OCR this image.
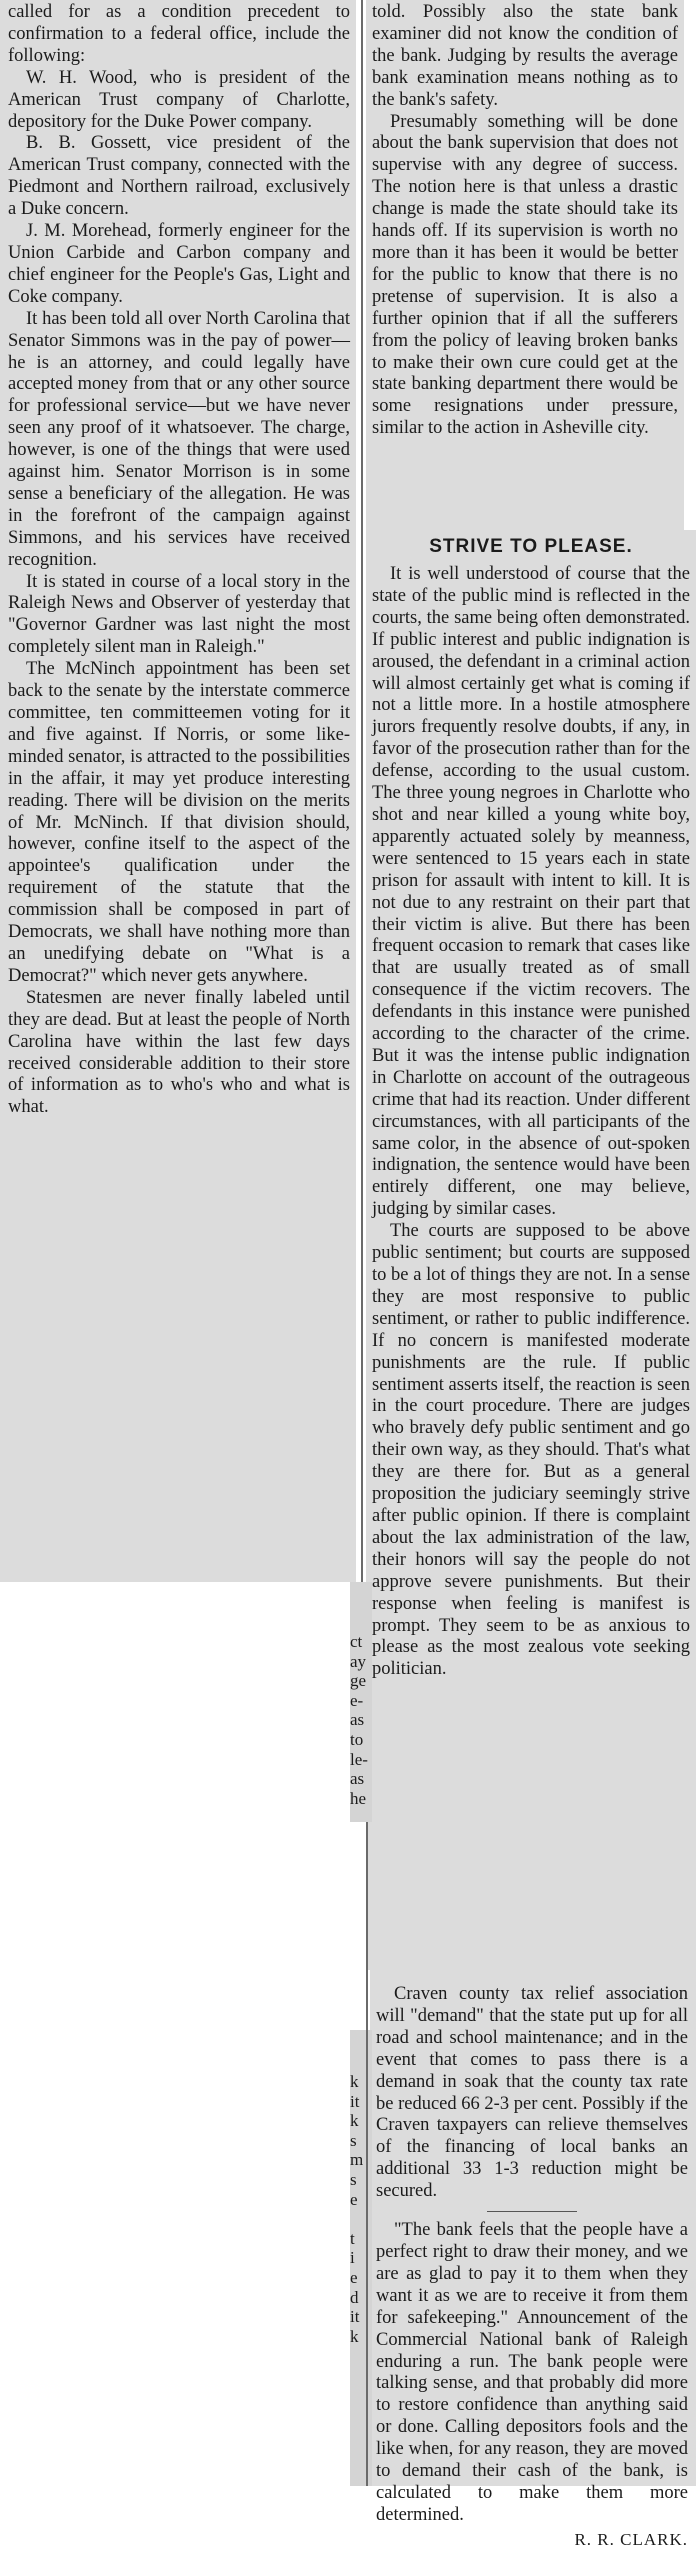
called for as a condition precedent to confirmation to a federal office, include the following:

W. H. Wood, who is president of the American Trust company of Charlotte, depository for the Duke Power company.

B. B. Gossett, vice president of the American Trust company, connected with the Piedmont and Northern railroad, exclusively a Duke concern.

J. M. Morehead, formerly engineer for the Union Carbide and Carbon company and chief engineer for the People's Gas, Light and Coke company.

It has been told all over North Carolina that Senator Simmons was in the pay of power—he is an attorney, and could legally have accepted money from that or any other source for professional service—but we have never seen any proof of it whatsoever. The charge, however, is one of the things that were used against him. Senator Morrison is in some sense a beneficiary of the allegation. He was in the forefront of the campaign against Simmons, and his services have received recognition.

It is stated in course of a local story in the Raleigh News and Observer of yesterday that "Governor Gardner was last night the most completely silent man in Raleigh."

The McNinch appointment has been set back to the senate by the interstate commerce committee, ten committeemen voting for it and five against. If Norris, or some like-minded senator, is attracted to the possibilities in the affair, it may yet produce interesting reading. There will be division on the merits of Mr. McNinch. If that division should, however, confine itself to the aspect of the appointee's qualification under the requirement of the statute that the commission shall be composed in part of Democrats, we shall have nothing more than an unedifying debate on "What is a Democrat?" which never gets anywhere.

Statesmen are never finally labeled until they are dead. But at least the people of North Carolina have within the last few days received considerable addition to their store of information as to who's who and what is what.

told. Possibly also the state bank examiner did not know the condition of the bank. Judging by results the average bank examination means nothing as to the bank's safety.

Presumably something will be done about the bank supervision that does not supervise with any degree of success. The notion here is that unless a drastic change is made the state should take its hands off. If its supervision is worth no more than it has been it would be better for the public to know that there is no pretense of supervision. It is also a further opinion that if all the sufferers from the policy of leaving broken banks to make their own cure could get at the state banking department there would be some resignations under pressure, similar to the action in Asheville city.

STRIVE TO PLEASE.

It is well understood of course that the state of the public mind is reflected in the courts, the same being often demonstrated. If public interest and public indignation is aroused, the defendant in a criminal action will almost certainly get what is coming if not a little more. In a hostile atmosphere jurors frequently resolve doubts, if any, in favor of the prosecution rather than for the defense, according to the usual custom. The three young negroes in Charlotte who shot and near killed a young white boy, apparently actuated solely by meanness, were sentenced to 15 years each in state prison for assault with intent to kill. It is not due to any restraint on their part that their victim is alive. But there has been frequent occasion to remark that cases like that are usually treated as of small consequence if the victim recovers. The defendants in this instance were punished according to the character of the crime. But it was the intense public indignation in Charlotte on account of the outrageous crime that had its reaction. Under different circumstances, with all participants of the same color, in the absence of out-spoken indignation, the sentence would have been entirely different, one may believe, judging by similar cases.

The courts are supposed to be above public sentiment; but courts are supposed to be a lot of things they are not. In a sense they are most responsive to public sentiment, or rather to public indifference. If no concern is manifested moderate punishments are the rule. If public sentiment asserts itself, the reaction is seen in the court procedure. There are judges who bravely defy public sentiment and go their own way, as they should. That's what they are there for. But as a general proposition the judiciary seemingly strive after public opinion. If there is complaint about the lax administration of the law, their honors will say the people do not approve severe punishments. But their response when feeling is manifest is prompt. They seem to be as anxious to please as the most zealous vote seeking politician.

Craven county tax relief association will "demand" that the state put up for all road and school maintenance; and in the event that comes to pass there is a demand in soak that the county tax rate be reduced 66 2-3 per cent. Possibly if the Craven taxpayers can relieve themselves of the financing of local banks an additional 33 1-3 reduction might be secured.

"The bank feels that the people have a perfect right to draw their money, and we are as glad to pay it to them when they want it as we are to receive it from them for safekeeping." Announcement of the Commercial National bank of Raleigh enduring a run. The bank people were talking sense, and that probably did more to restore confidence than anything said or done. Calling depositors fools and the like when, for any reason, they are moved to demand their cash of the bank, is calculated to make them more determined.

R. R. CLARK.
ct
ay
ge
e-
as
to
le-
as
he
k
it
k
s
m
s
e

t
i
e
d
it
k
